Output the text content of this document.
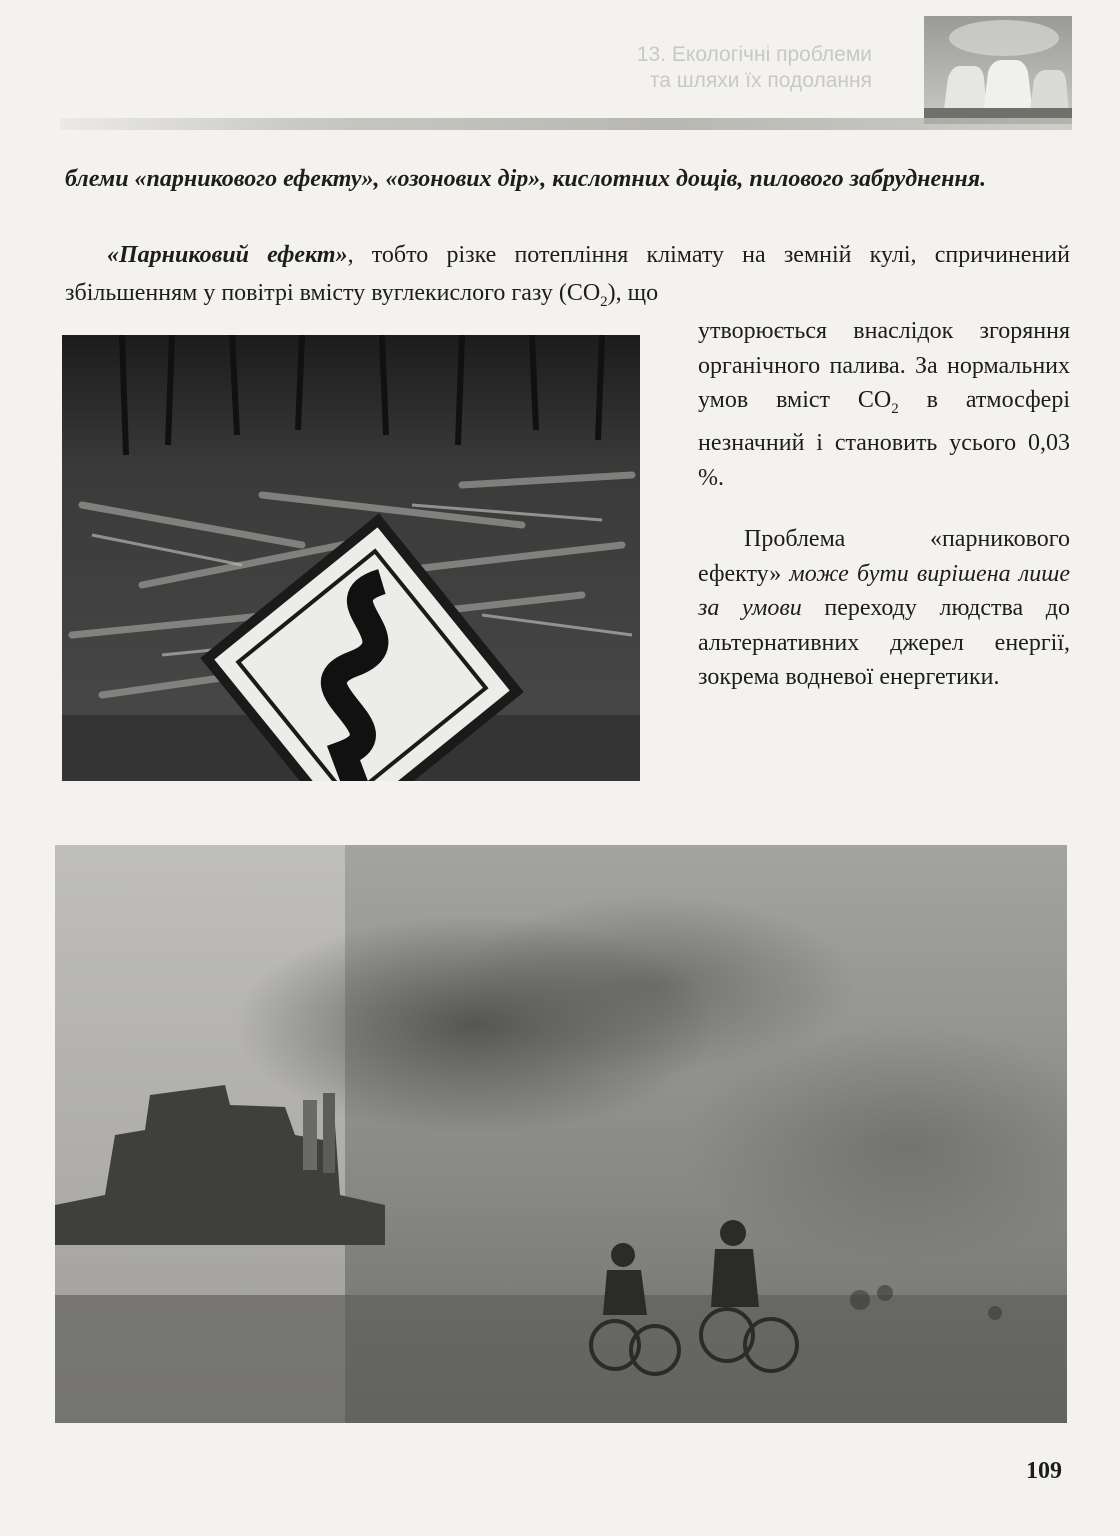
13. Екологічні проблеми
та шляхи їх подолання

блеми «парникового ефекту», «озонових дір», кислотних дощів, пилового забруднення.

«Парниковий ефект», тобто різке потепління клімату на земній кулі, спричинений збільшенням у повітрі вмісту вуглекислого газу $(CO_2)$, що

утворюється внаслідок згоряння органічного палива. За нормальних умов вміст $CO_2$ в атмосфері незначний і становить усього 0,03 %.

Проблема «парникового ефекту» може бути вирішена лише за умови переходу людства до альтернативних джерел енергії, зокрема водневої енергетики.

109
